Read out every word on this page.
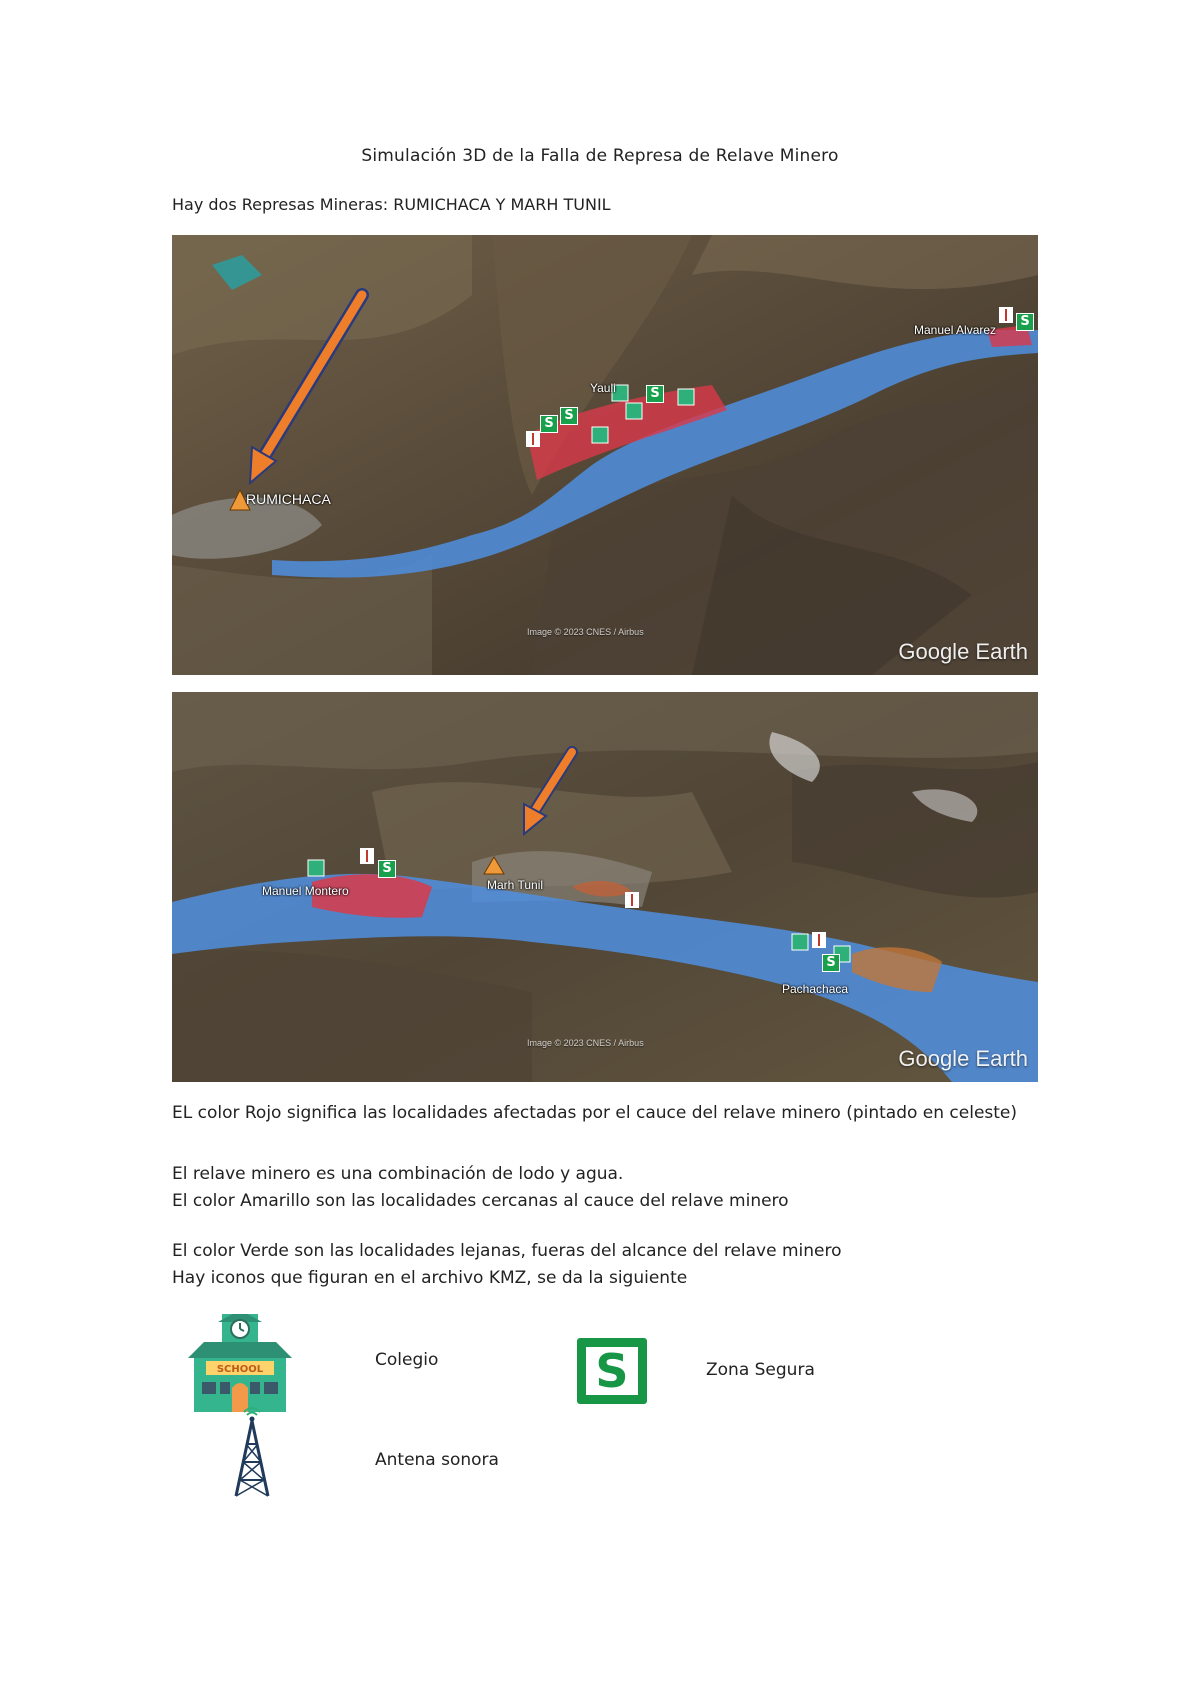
Simulación 3D de la Falla de Represa de Relave Minero
Hay dos Represas Mineras: RUMICHACA Y MARH TUNIL
S
S
S
S
RUMICHACA
Yauli
Manuel Alvarez
Image © 2023 CNES / Airbus
Google Earth
S
S
Manuel Montero	Marh Tunil
Pachachaca
Image © 2023 CNES / Airbus
Google Earth
EL color Rojo significa las localidades afectadas por el cauce del relave minero (pintado en celeste)
El relave minero es una combinación de lodo y agua.
El color Amarillo son las localidades cercanas al cauce del relave minero
El color Verde son las localidades lejanas, fueras del alcance del relave minero
Hay iconos que figuran en el archivo KMZ, se da la siguiente
SCHOOL	Colegio	S	Zona Segura
Antena sonora
